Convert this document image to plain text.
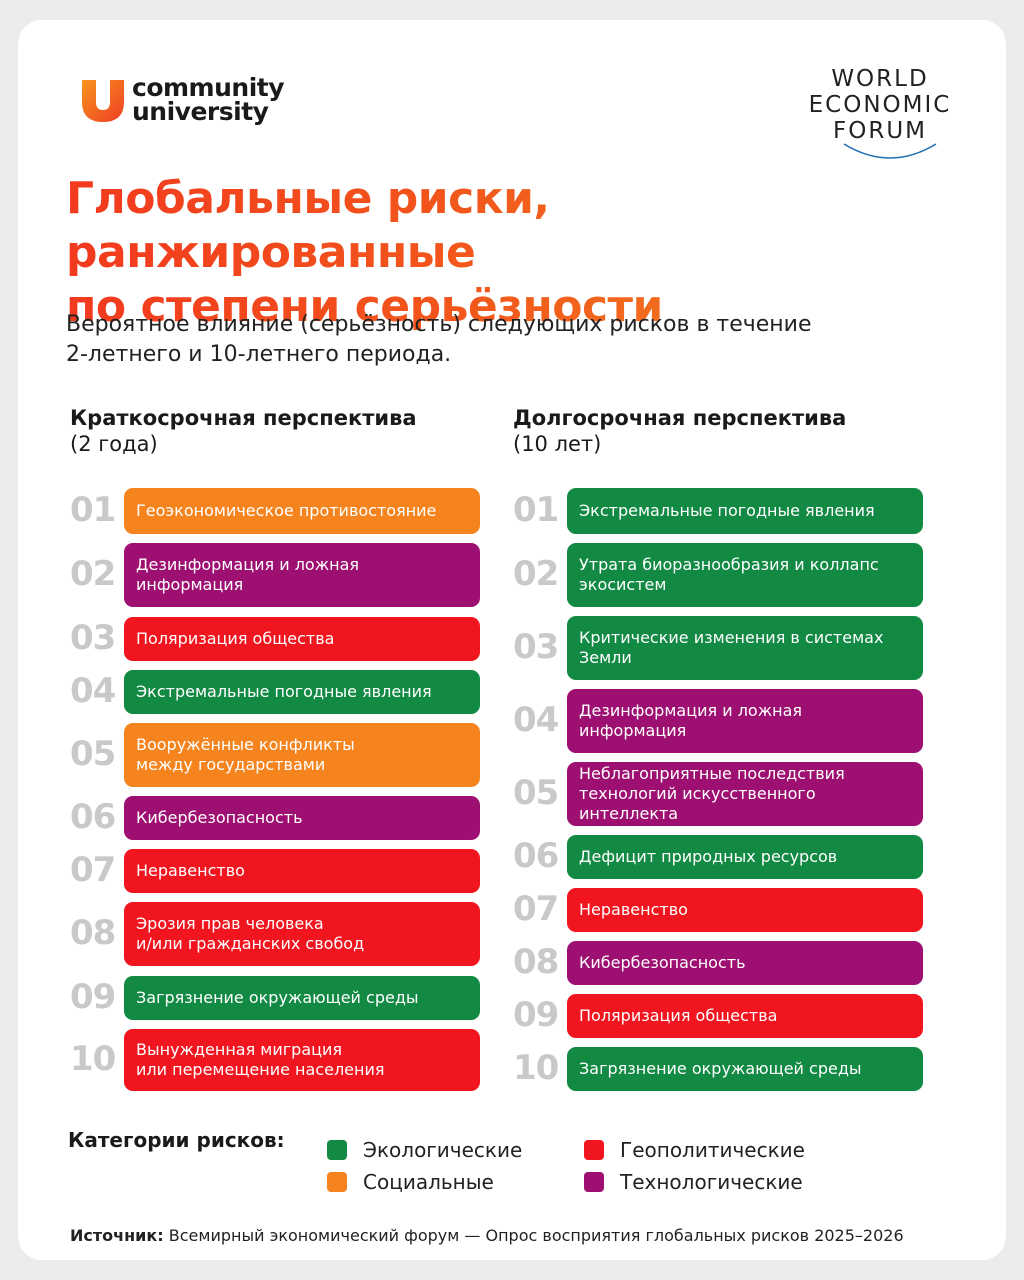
community
university
WORLD
ECONOMIC
FORUM
Глобальные риски, ранжированные
по степени серьёзности

Вероятное влияние (серьёзность) следующих рисков в течение
2-летнего и 10-летнего периода.

Краткосрочная перспектива
(2 года)
Долгосрочная перспектива
(10 лет)
01	Геоэкономическое противостояние
02	Дезинформация и ложная
информация
03	Поляризация общества
04	Экстремальные погодные явления
05	Вооружённые конфликты
между государствами
06	Кибербезопасность
07	Неравенство
08	Эрозия прав человека
и/или гражданских свобод
09	Загрязнение окружающей среды
10	Вынужденная миграция
или перемещение населения
01	Экстремальные погодные явления
02	Утрата биоразнообразия и коллапс
экосистем
03	Критические изменения в системах
Земли
04	Дезинформация и ложная
информация
05	Неблагоприятные последствия
технологий искусственного интеллекта
06	Дефицит природных ресурсов
07	Неравенство
08	Кибербезопасность
09	Поляризация общества
10	Загрязнение окружающей среды
Категории рисков:	Экологические
Социальные
Геополитические
Технологические
Источник: Всемирный экономический форум — Опрос восприятия глобальных рисков 2025–2026
